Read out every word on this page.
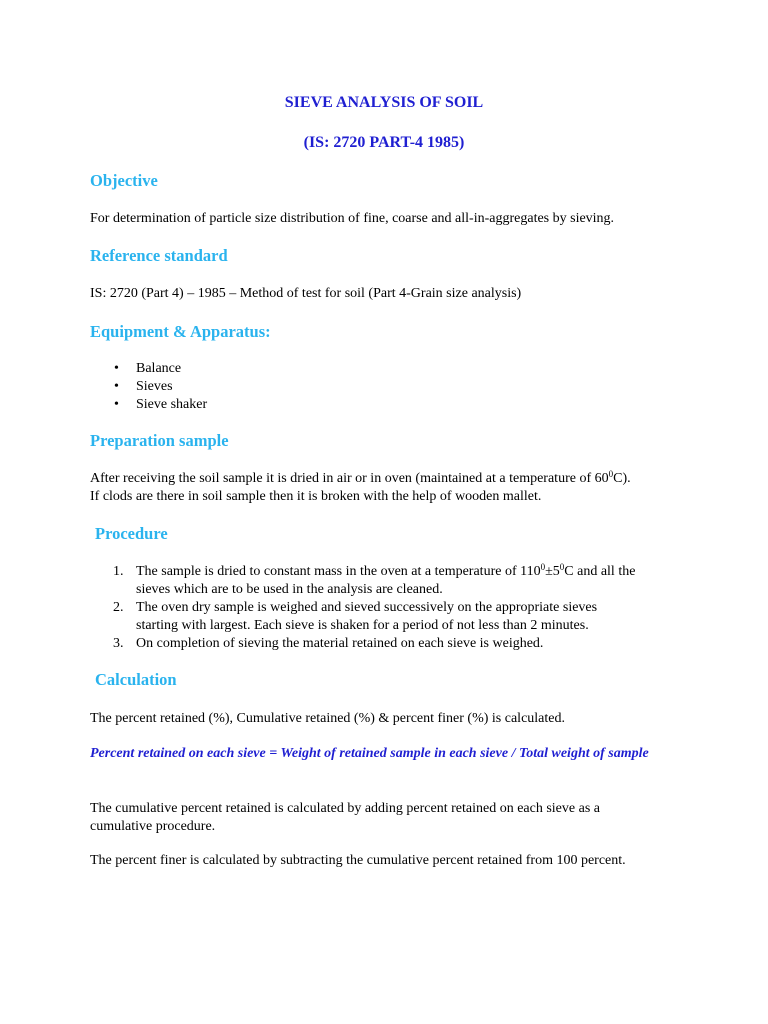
SIEVE ANALYSIS OF SOIL
(IS: 2720 PART-4 1985)
Objective

For determination of particle size distribution of fine, coarse and all-in-aggregates by sieving.

Reference standard

IS: 2720 (Part 4) – 1985 – Method of test for soil (Part 4-Grain size analysis)

Equipment & Apparatus:
• Balance
• Sieves
• Sieve shaker
Preparation sample

After receiving the soil sample it is dried in air or in oven (maintained at a temperature of $60^0C$).
If clods are there in soil sample then it is broken with the help of wooden mallet.

Procedure
1. The sample is dried to constant mass in the oven at a temperature of $110^0\pm 5^0C$ and all the
sieves which are to be used in the analysis are cleaned.
2. The oven dry sample is weighed and sieved successively on the appropriate sieves
starting with largest. Each sieve is shaken for a period of not less than 2 minutes.
3. On completion of sieving the material retained on each sieve is weighed.
Calculation

The percent retained (%), Cumulative retained (%) & percent finer (%) is calculated.

Percent retained on each sieve = Weight of retained sample in each sieve / Total weight of sample

The cumulative percent retained is calculated by adding percent retained on each sieve as a
cumulative procedure.

The percent finer is calculated by subtracting the cumulative percent retained from 100 percent.
